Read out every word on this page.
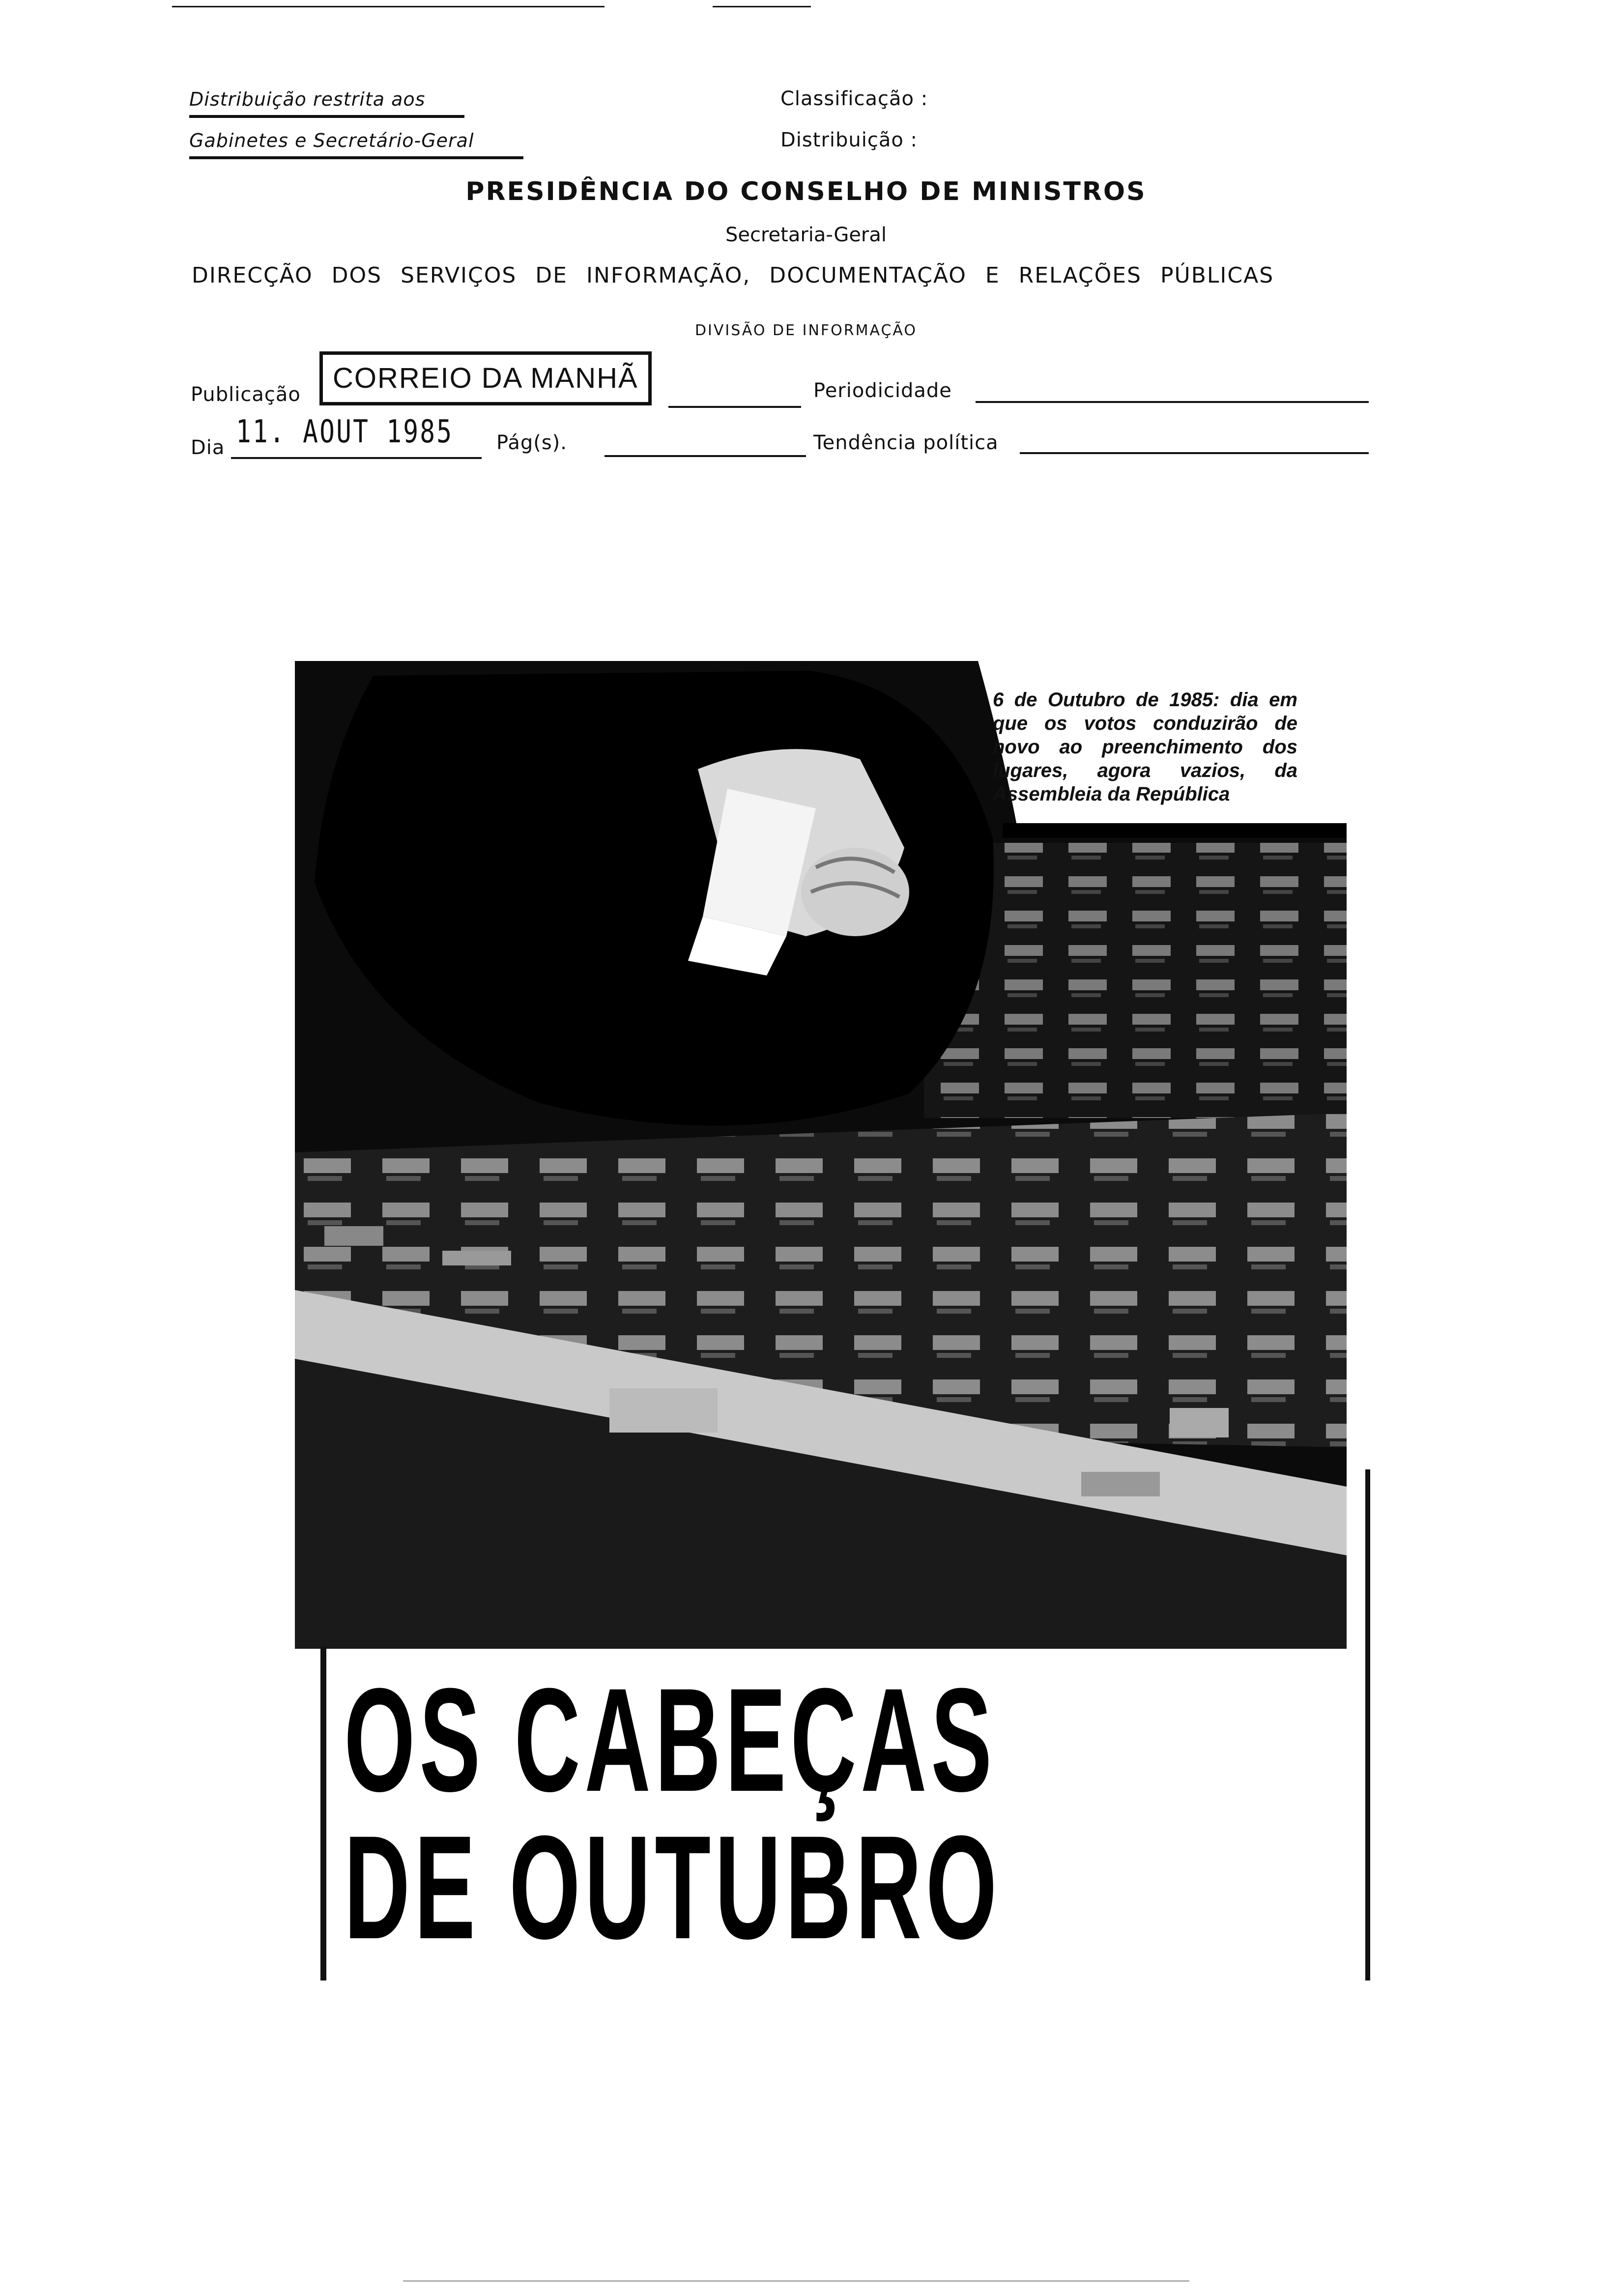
Distribuição restrita aos
Gabinetes e Secretário-Geral
Classificação :
Distribuição :
PRESIDÊNCIA DO CONSELHO DE MINISTROS
Secretaria-Geral
DIRECÇÃO DOS SERVIÇOS DE INFORMAÇÃO, DOCUMENTAÇÃO E RELAÇÕES PÚBLICAS
DIVISÃO DE INFORMAÇÃO
Publicação
CORREIO DA MANHÃ	Periodicidade
Dia 11. AOUT 1985 Pág(s).	Tendência política
6 de Outubro de 1985: dia em que os votos conduzirão de novo ao preenchimento dos lugares, agora vazios, da Assembleia da República
OS CABEÇAS
DE OUTUBRO
